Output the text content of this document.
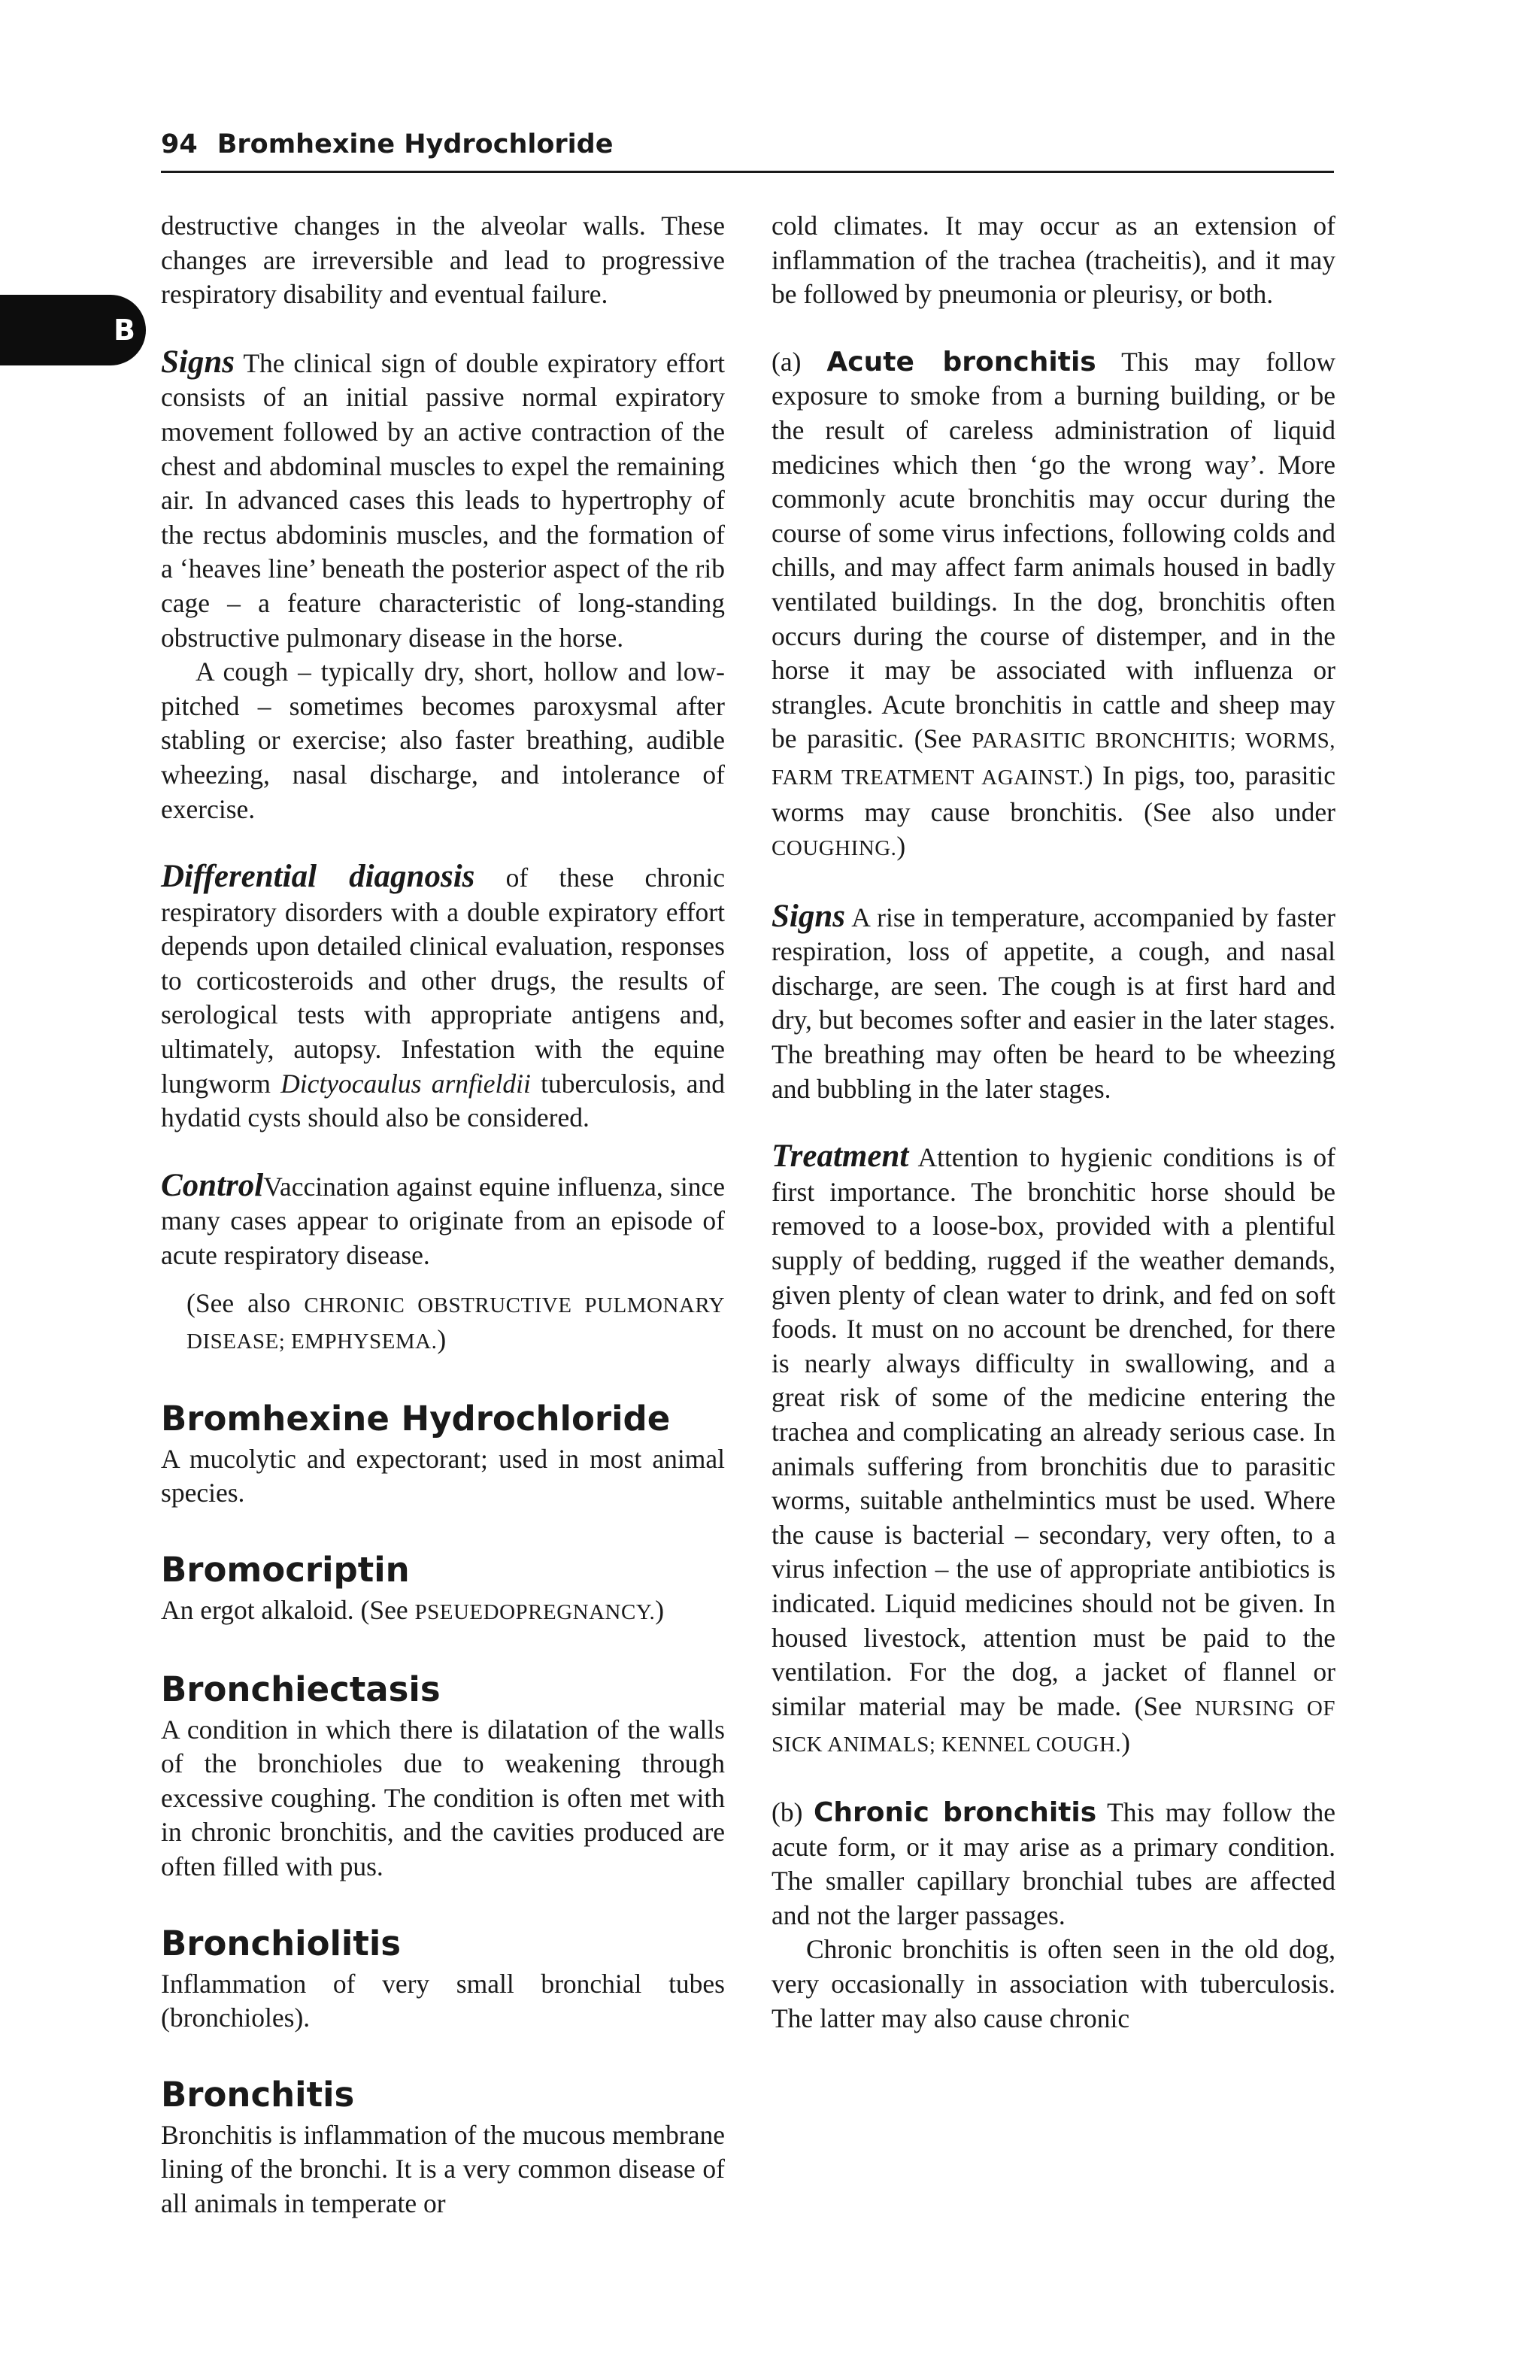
94 Bromhexine Hydrochloride
B

destructive changes in the alveolar walls. These changes are irreversible and lead to progressive respiratory disability and eventual failure.

Signs The clinical sign of double expiratory effort consists of an initial passive normal expiratory movement followed by an active contraction of the chest and abdominal muscles to expel the remaining air. In advanced cases this leads to hypertrophy of the rectus abdominis muscles, and the formation of a ‘heaves line’ beneath the posterior aspect of the rib cage – a feature characteristic of long-standing obstructive pulmonary disease in the horse.

A cough – typically dry, short, hollow and low-pitched – sometimes becomes paroxysmal after stabling or exercise; also faster breathing, audible wheezing, nasal discharge, and intolerance of exercise.

Differential diagnosis of these chronic respiratory disorders with a double expiratory effort depends upon detailed clinical evaluation, responses to corticosteroids and other drugs, the results of serological tests with appropriate antigens and, ultimately, autopsy. Infestation with the equine lungworm Dictyocaulus arnfieldii tuberculosis, and hydatid cysts should also be considered.

ControlVaccination against equine influenza, since many cases appear to originate from an episode of acute respiratory disease.

(See also CHRONIC OBSTRUCTIVE PULMONARY DISEASE; EMPHYSEMA.)

Bromhexine Hydrochloride

A mucolytic and expectorant; used in most animal species.

Bromocriptin

An ergot alkaloid. (See PSEUEDOPREGNANCY.)

Bronchiectasis

A condition in which there is dilatation of the walls of the bronchioles due to weakening through excessive coughing. The condition is often met with in chronic bronchitis, and the cavities produced are often filled with pus.

Bronchiolitis

Inflammation of very small bronchial tubes (bronchioles).

Bronchitis

Bronchitis is inflammation of the mucous membrane lining of the bronchi. It is a very common disease of all animals in temperate or

cold climates. It may occur as an extension of inflammation of the trachea (tracheitis), and it may be followed by pneumonia or pleurisy, or both.

(a) Acute bronchitis This may follow exposure to smoke from a burning building, or be the result of careless administration of liquid medicines which then ‘go the wrong way’. More commonly acute bronchitis may occur during the course of some virus infections, following colds and chills, and may affect farm animals housed in badly ventilated buildings. In the dog, bronchitis often occurs during the course of distemper, and in the horse it may be associated with influenza or strangles. Acute bronchitis in cattle and sheep may be parasitic. (See PARASITIC BRONCHITIS; WORMS, FARM TREATMENT AGAINST.) In pigs, too, parasitic worms may cause bronchitis. (See also under COUGHING.)

Signs A rise in temperature, accompanied by faster respiration, loss of appetite, a cough, and nasal discharge, are seen. The cough is at first hard and dry, but becomes softer and easier in the later stages. The breathing may often be heard to be wheezing and bubbling in the later stages.

Treatment Attention to hygienic conditions is of first importance. The bronchitic horse should be removed to a loose-box, provided with a plentiful supply of bedding, rugged if the weather demands, given plenty of clean water to drink, and fed on soft foods. It must on no account be drenched, for there is nearly always difficulty in swallowing, and a great risk of some of the medicine entering the trachea and complicating an already serious case. In animals suffering from bronchitis due to parasitic worms, suitable anthelmintics must be used. Where the cause is bacterial – secondary, very often, to a virus infection – the use of appropriate antibiotics is indicated. Liquid medicines should not be given. In housed livestock, attention must be paid to the ventilation. For the dog, a jacket of flannel or similar material may be made. (See NURSING OF SICK ANIMALS; KENNEL COUGH.)

(b) Chronic bronchitis This may follow the acute form, or it may arise as a primary condition. The smaller capillary bronchial tubes are affected and not the larger passages.

Chronic bronchitis is often seen in the old dog, very occasionally in association with tuberculosis. The latter may also cause chronic
